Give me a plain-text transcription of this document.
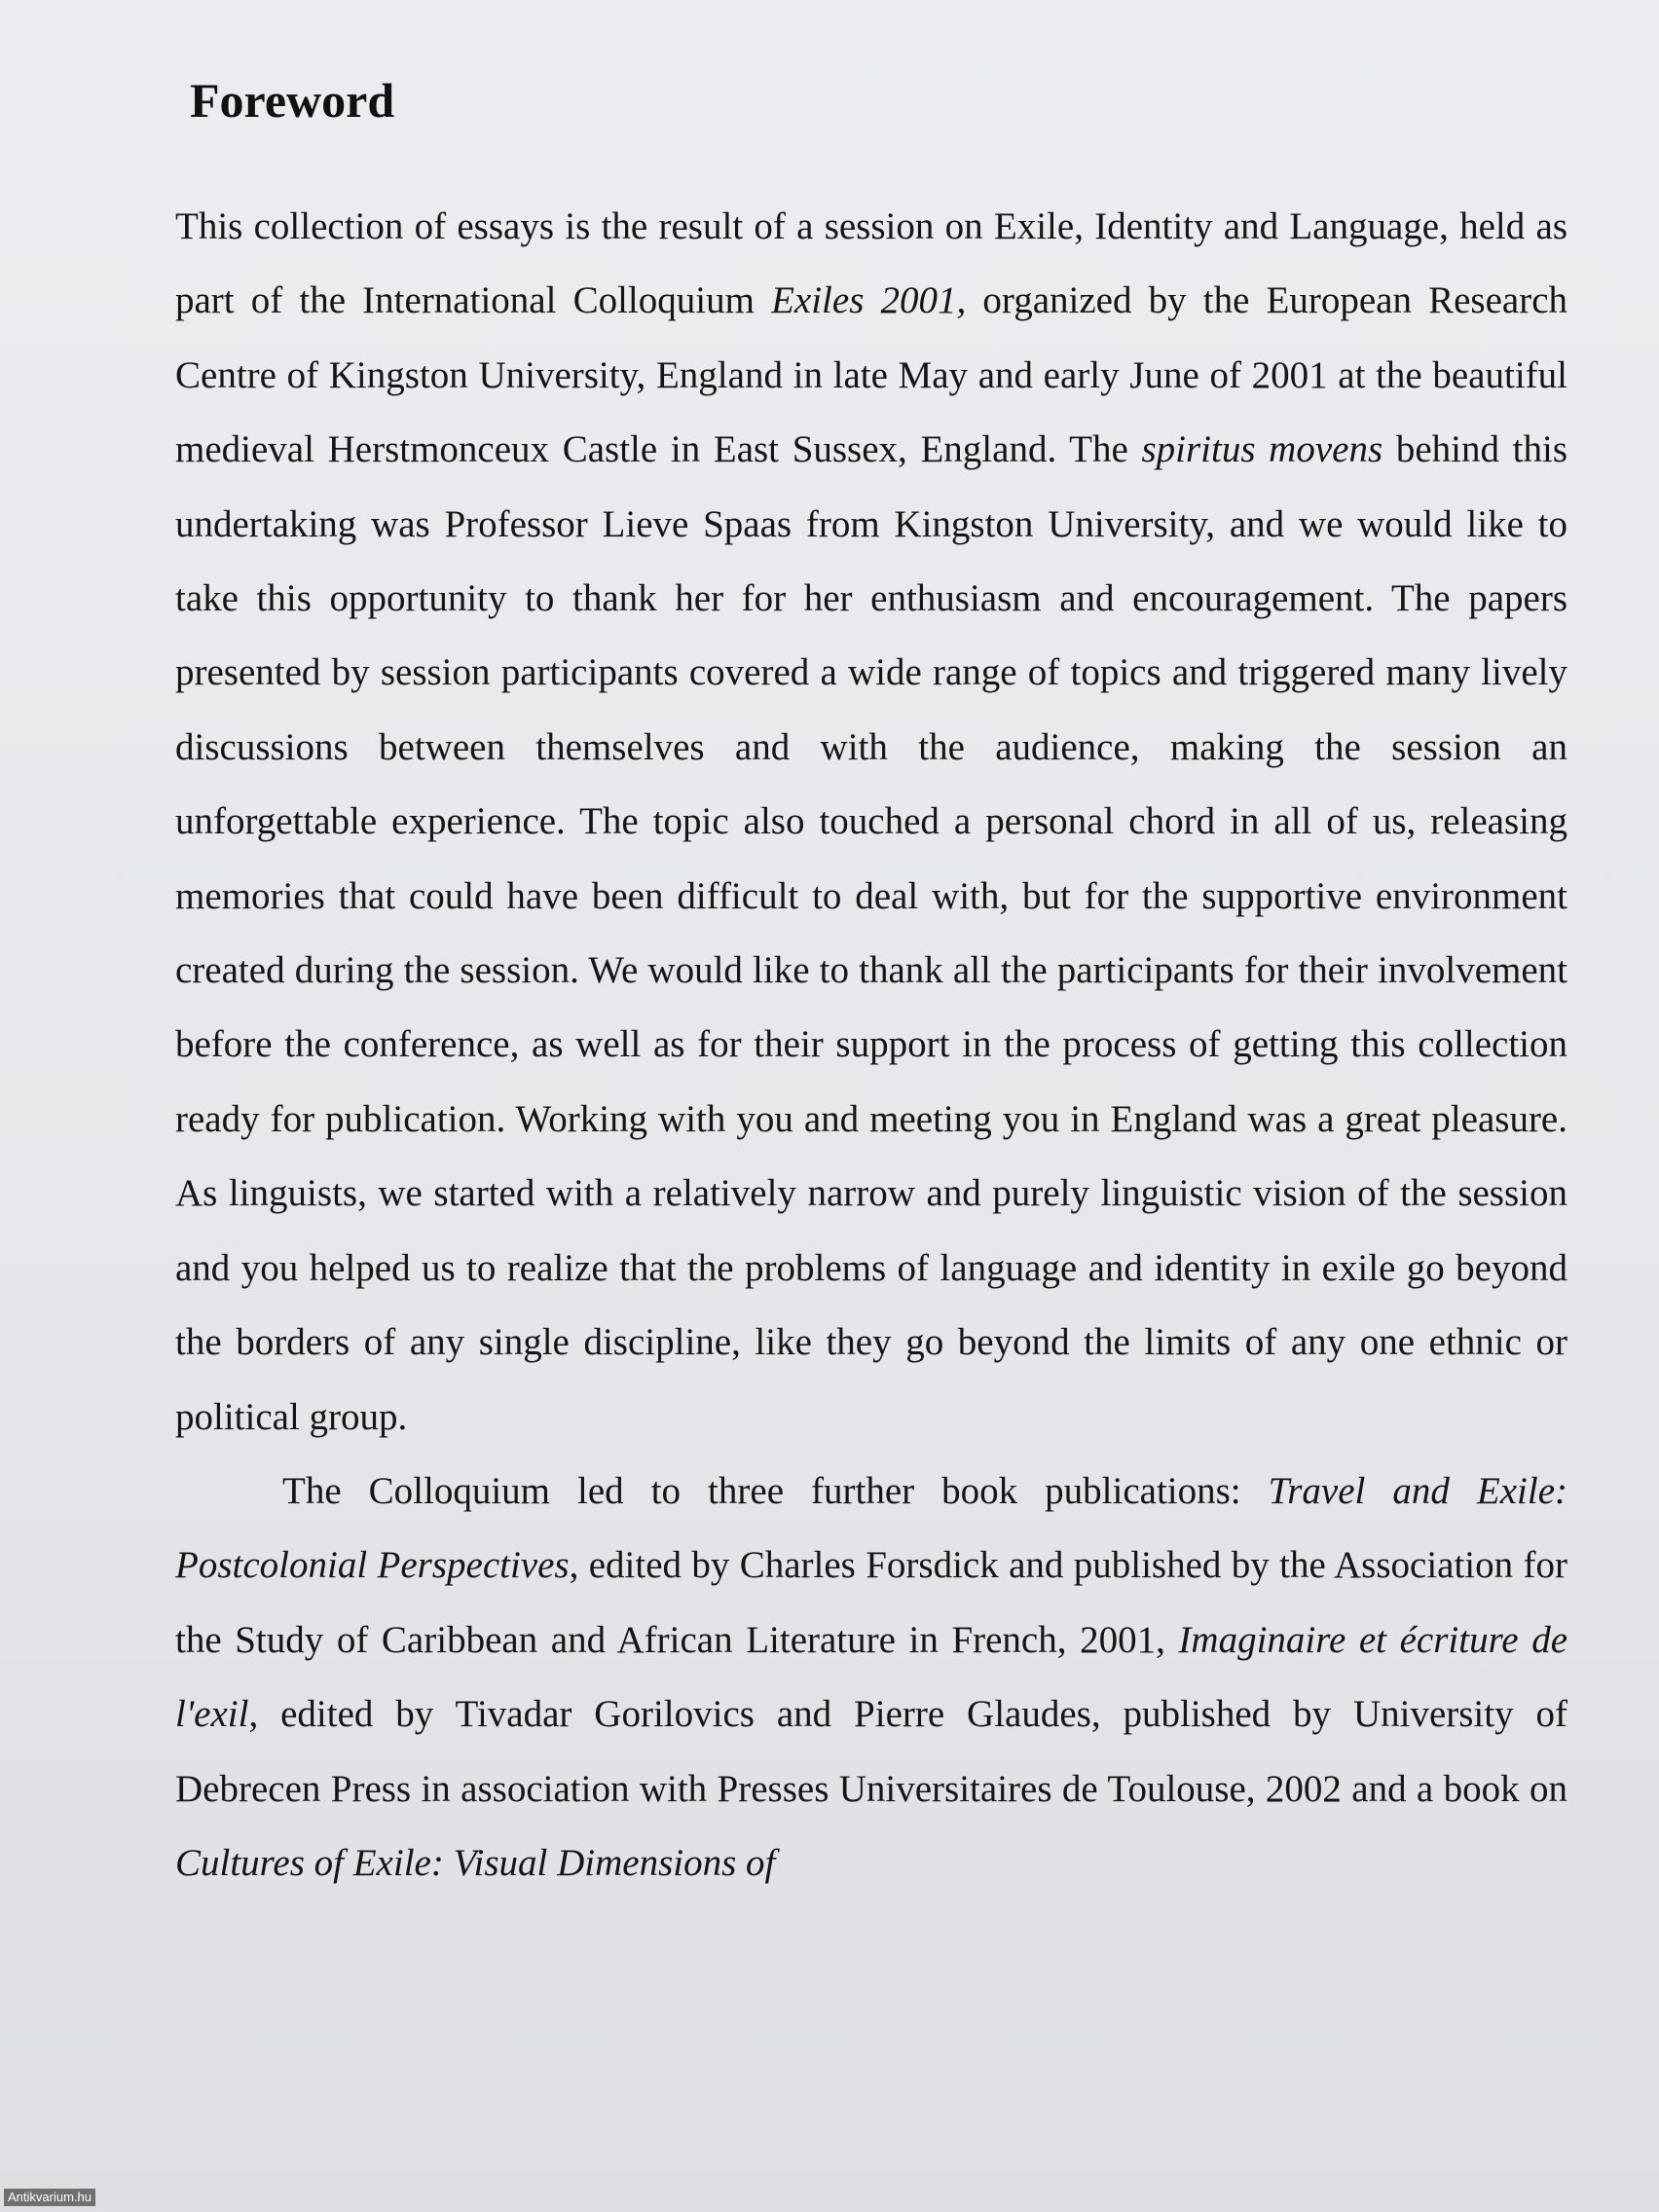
Foreword

This collection of essays is the result of a session on Exile, Identity and Language, held as part of the International Colloquium Exiles 2001, organized by the European Research Centre of Kingston University, England in late May and early June of 2001 at the beautiful medieval Herstmonceux Castle in East Sussex, England. The spiritus movens behind this undertaking was Professor Lieve Spaas from Kingston University, and we would like to take this opportunity to thank her for her enthusiasm and encouragement. The papers presented by session participants covered a wide range of topics and triggered many lively discussions between themselves and with the audience, making the session an unforgettable experience. The topic also touched a personal chord in all of us, releasing memories that could have been difficult to deal with, but for the supportive environment created during the session. We would like to thank all the participants for their involvement before the conference, as well as for their support in the process of getting this collection ready for publication. Working with you and meeting you in England was a great pleasure. As linguists, we started with a relatively narrow and purely linguistic vision of the session and you helped us to realize that the problems of language and identity in exile go beyond the borders of any single discipline, like they go beyond the limits of any one ethnic or political group.

The Colloquium led to three further book publications: Travel and Exile: Postcolonial Perspectives, edited by Charles Forsdick and published by the Association for the Study of Caribbean and African Literature in French, 2001, Imaginaire et écriture de l'exil, edited by Tivadar Gorilovics and Pierre Glaudes, published by University of Debrecen Press in association with Presses Universitaires de Toulouse, 2002 and a book on Cultures of Exile: Visual Dimensions of

Antikvarium.hu
